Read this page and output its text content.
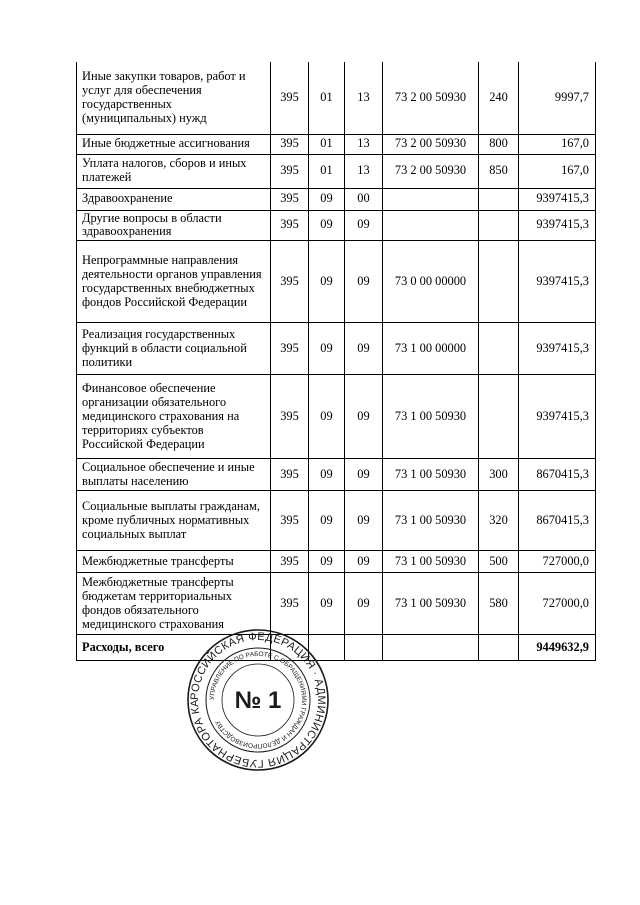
Иные закупки товаров, работ и услуг для обеспечения государственных (муниципальных) нужд	395	01	13	73 2 00 50930	240	9997,7
Иные бюджетные ассигнования	395	01	13	73 2 00 50930	800	167,0
Уплата налогов, сборов и иных платежей	395	01	13	73 2 00 50930	850	167,0
Здравоохранение	395	09	00			9397415,3
Другие вопросы в области здравоохранения	395	09	09			9397415,3
Непрограммные направления деятельности органов управления государственных внебюджетных фондов Российской Федерации	395	09	09	73 0 00 00000		9397415,3
Реализация государственных функций в области социальной политики	395	09	09	73 1 00 00000		9397415,3
Финансовое обеспечение организации обязательного медицинского страхования на территориях субъектов Российской Федерации	395	09	09	73 1 00 50930		9397415,3
Социальное обеспечение и иные выплаты населению	395	09	09	73 1 00 50930	300	8670415,3
Социальные выплаты гражданам, кроме публичных нормативных социальных выплат	395	09	09	73 1 00 50930	320	8670415,3
Межбюджетные трансферты	395	09	09	73 1 00 50930	500	727000,0
Межбюджетные трансферты бюджетам территориальных фондов обязательного медицинского страхования	395	09	09	73 1 00 50930	580	727000,0
Расходы, всего						9449632,9
РОССИЙСКАЯ ФЕДЕРАЦИЯ · АДМИНИСТРАЦИЯ ГУБЕРНАТОРА КА
УПРАВЛЕНИЕ ПО РАБОТЕ С ОБРАЩЕНИЯМИ ГРАЖДАН И ДЕЛОПРОИЗВОДСТВУ
№ 1
